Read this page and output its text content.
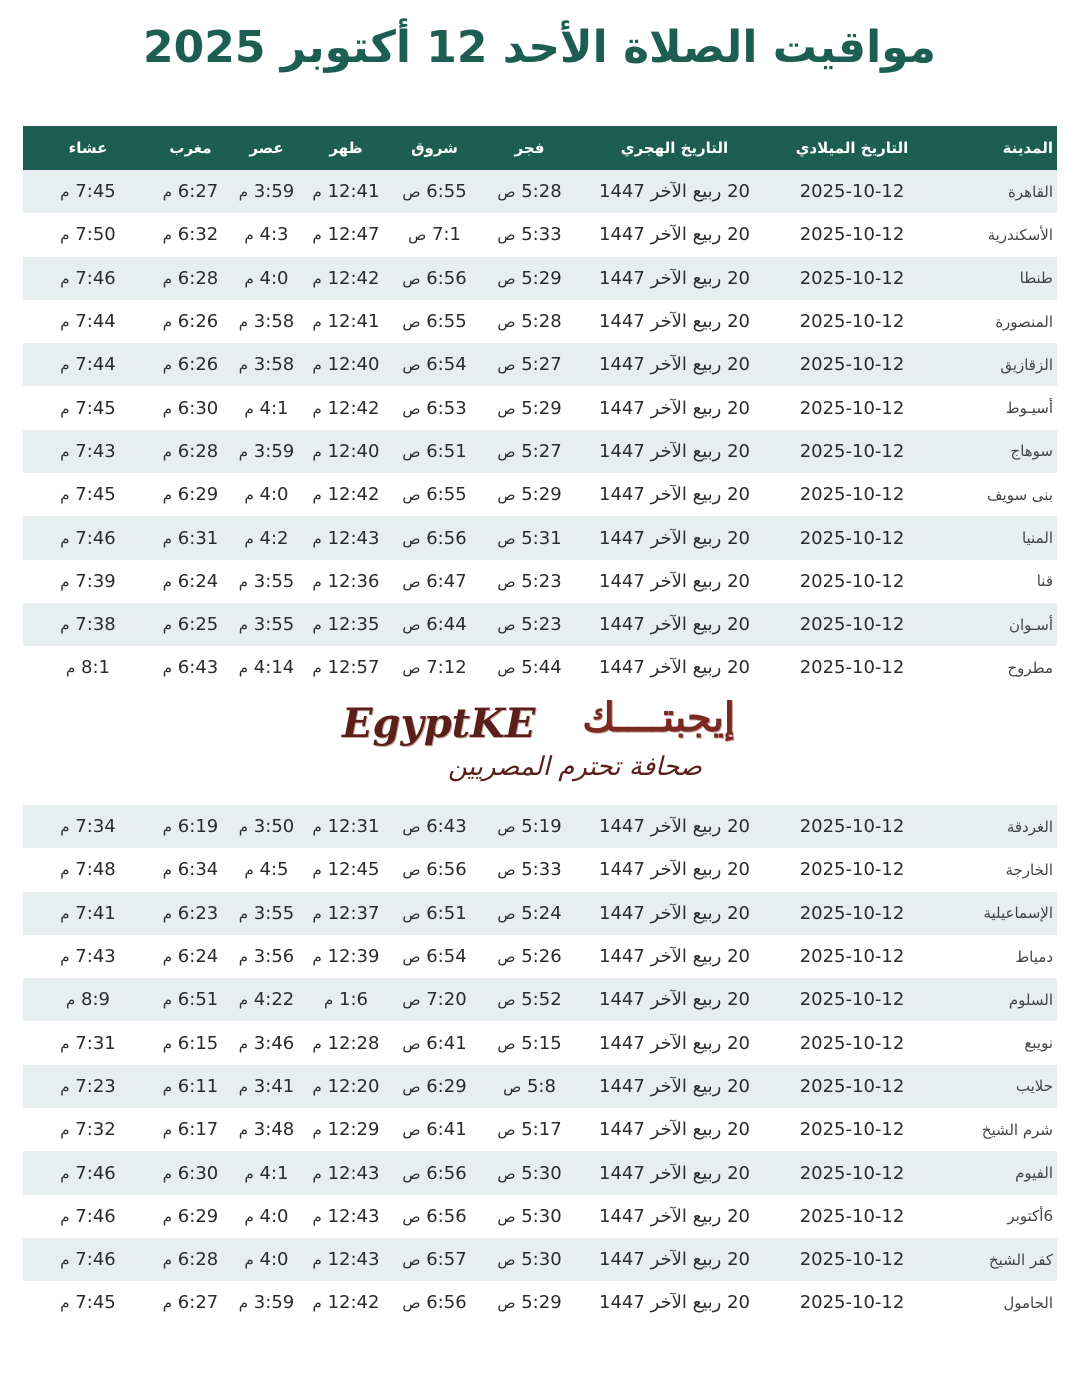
مواقيت الصلاة الأحد 12 أكتوبر 2025
المدينة	التاريخ الميلادي	التاريخ الهجري	فجر	شروق	ظهر	عصر	مغرب	عشاء
القاهرة	2025-10-12	20 ربيع الآخر 1447	5:28 ص	6:55 ص	12:41 م	3:59 م	6:27 م	7:45 م
الأسكندرية	2025-10-12	20 ربيع الآخر 1447	5:33 ص	7:1 ص	12:47 م	4:3 م	6:32 م	7:50 م
طنطا	2025-10-12	20 ربيع الآخر 1447	5:29 ص	6:56 ص	12:42 م	4:0 م	6:28 م	7:46 م
المنصورة	2025-10-12	20 ربيع الآخر 1447	5:28 ص	6:55 ص	12:41 م	3:58 م	6:26 م	7:44 م
الزقازيق	2025-10-12	20 ربيع الآخر 1447	5:27 ص	6:54 ص	12:40 م	3:58 م	6:26 م	7:44 م
أسيـوط	2025-10-12	20 ربيع الآخر 1447	5:29 ص	6:53 ص	12:42 م	4:1 م	6:30 م	7:45 م
سوهاج	2025-10-12	20 ربيع الآخر 1447	5:27 ص	6:51 ص	12:40 م	3:59 م	6:28 م	7:43 م
بنى سويف	2025-10-12	20 ربيع الآخر 1447	5:29 ص	6:55 ص	12:42 م	4:0 م	6:29 م	7:45 م
المنيا	2025-10-12	20 ربيع الآخر 1447	5:31 ص	6:56 ص	12:43 م	4:2 م	6:31 م	7:46 م
قنا	2025-10-12	20 ربيع الآخر 1447	5:23 ص	6:47 ص	12:36 م	3:55 م	6:24 م	7:39 م
أسـوان	2025-10-12	20 ربيع الآخر 1447	5:23 ص	6:44 ص	12:35 م	3:55 م	6:25 م	7:38 م
مطروح	2025-10-12	20 ربيع الآخر 1447	5:44 ص	7:12 ص	12:57 م	4:14 م	6:43 م	8:1 م
EgyptKE إيجبتــــك
صحافة تحترم المصريين
الغردقة	2025-10-12	20 ربيع الآخر 1447	5:19 ص	6:43 ص	12:31 م	3:50 م	6:19 م	7:34 م
الخارجة	2025-10-12	20 ربيع الآخر 1447	5:33 ص	6:56 ص	12:45 م	4:5 م	6:34 م	7:48 م
الإسماعيلية	2025-10-12	20 ربيع الآخر 1447	5:24 ص	6:51 ص	12:37 م	3:55 م	6:23 م	7:41 م
دمياط	2025-10-12	20 ربيع الآخر 1447	5:26 ص	6:54 ص	12:39 م	3:56 م	6:24 م	7:43 م
السلوم	2025-10-12	20 ربيع الآخر 1447	5:52 ص	7:20 ص	1:6 م	4:22 م	6:51 م	8:9 م
نويبع	2025-10-12	20 ربيع الآخر 1447	5:15 ص	6:41 ص	12:28 م	3:46 م	6:15 م	7:31 م
حلايب	2025-10-12	20 ربيع الآخر 1447	5:8 ص	6:29 ص	12:20 م	3:41 م	6:11 م	7:23 م
شرم الشيخ	2025-10-12	20 ربيع الآخر 1447	5:17 ص	6:41 ص	12:29 م	3:48 م	6:17 م	7:32 م
الفيوم	2025-10-12	20 ربيع الآخر 1447	5:30 ص	6:56 ص	12:43 م	4:1 م	6:30 م	7:46 م
6أكتوبر	2025-10-12	20 ربيع الآخر 1447	5:30 ص	6:56 ص	12:43 م	4:0 م	6:29 م	7:46 م
كفر الشيخ	2025-10-12	20 ربيع الآخر 1447	5:30 ص	6:57 ص	12:43 م	4:0 م	6:28 م	7:46 م
الحامول	2025-10-12	20 ربيع الآخر 1447	5:29 ص	6:56 ص	12:42 م	3:59 م	6:27 م	7:45 م
